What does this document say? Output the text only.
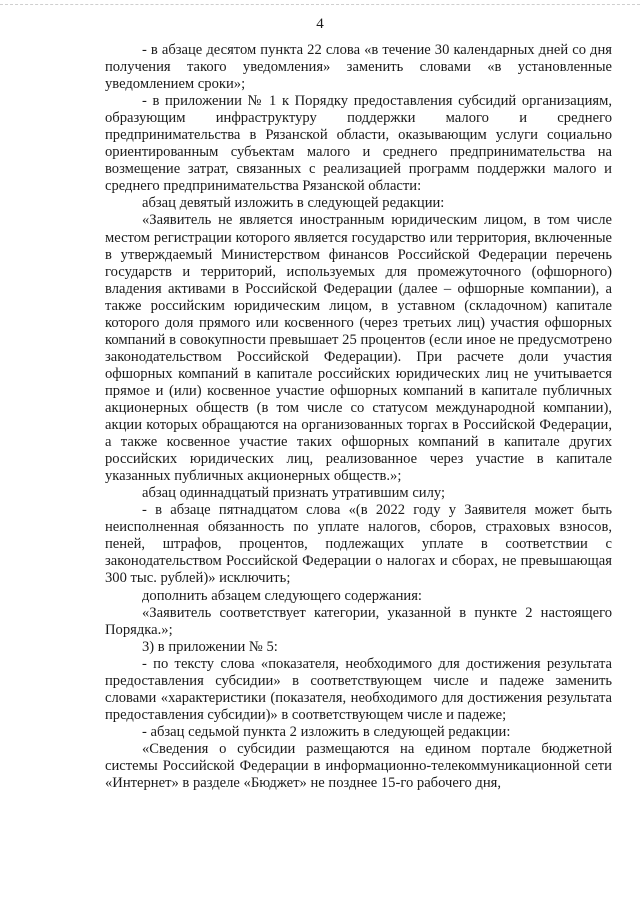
4

- в абзаце десятом пункта 22 слова «в течение 30 календарных дней со дня получения такого уведомления» заменить словами «в установленные уведомлением сроки»;

- в приложении № 1 к Порядку предоставления субсидий организациям, образующим инфраструктуру поддержки малого и среднего предпринимательства в Рязанской области, оказывающим услуги социально ориентированным субъектам малого и среднего предпринимательства на возмещение затрат, связанных с реализацией программ поддержки малого и среднего предпринимательства Рязанской области:

абзац девятый изложить в следующей редакции:

«Заявитель не является иностранным юридическим лицом, в том числе местом регистрации которого является государство или территория, включенные в утверждаемый Министерством финансов Российской Федерации перечень государств и территорий, используемых для промежуточного (офшорного) владения активами в Российской Федерации (далее – офшорные компании), а также российским юридическим лицом, в уставном (складочном) капитале которого доля прямого или косвенного (через третьих лиц) участия офшорных компаний в совокупности превышает 25 процентов (если иное не предусмотрено законодательством Российской Федерации). При расчете доли участия офшорных компаний в капитале российских юридических лиц не учитывается прямое и (или) косвенное участие офшорных компаний в капитале публичных акционерных обществ (в том числе со статусом международной компании), акции которых обращаются на организованных торгах в Российской Федерации, а также косвенное участие таких офшорных компаний в капитале других российских юридических лиц, реализованное через участие в капитале указанных публичных акционерных обществ.»;

абзац одиннадцатый признать утратившим силу;

- в абзаце пятнадцатом слова «(в 2022 году у Заявителя может быть неисполненная обязанность по уплате налогов, сборов, страховых взносов, пеней, штрафов, процентов, подлежащих уплате в соответствии с законодательством Российской Федерации о налогах и сборах, не превышающая 300 тыс. рублей)» исключить;

дополнить абзацем следующего содержания:

«Заявитель соответствует категории, указанной в пункте 2 настоящего Порядка.»;

3) в приложении № 5:

- по тексту слова «показателя, необходимого для достижения результата предоставления субсидии» в соответствующем числе и падеже заменить словами «характеристики (показателя, необходимого для достижения результата предоставления субсидии)» в соответствующем числе и падеже;

- абзац седьмой пункта 2 изложить в следующей редакции:

«Сведения о субсидии размещаются на едином портале бюджетной системы Российской Федерации в информационно-телекоммуникационной сети «Интернет» в разделе «Бюджет» не позднее 15-го рабочего дня,
